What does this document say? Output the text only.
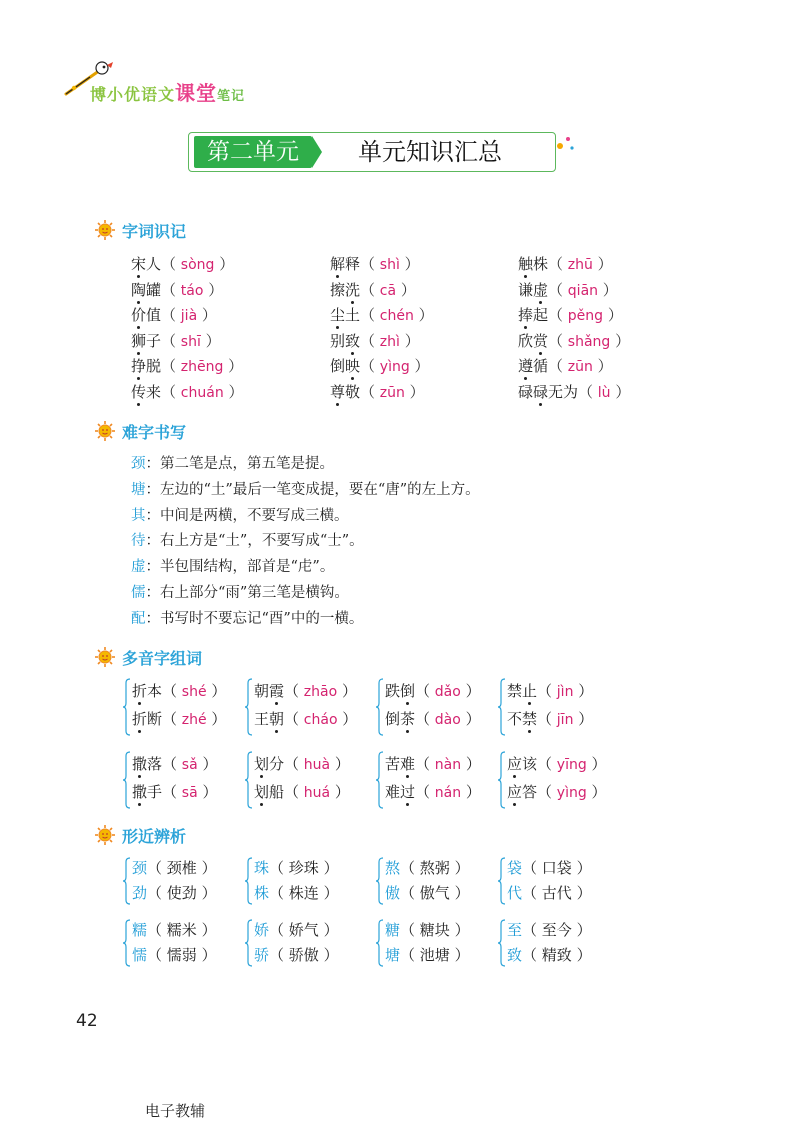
博小优语文课堂笔记
第二单元	单元知识汇总
字词识记
宋人
（ sòng ）
陶罐
（ táo ）
价值
（ jià ）
狮子
（ shī ）
挣脱
（ zhēng ）
传来
（ chuán ）
解释
（ shì ）
擦洗
（ cā ）
尘土
（ chén ）
别致
（ zhì ）
倒映
（ yìng ）
尊敬
（ zūn ）
触株
（ zhū ）
谦虚
（ qiān ）
捧起
（ pěng ）
欣赏
（ shǎng ）
遵循
（ zūn ）
碌碌无为
（ lù ）
难字书写
颈：第二笔是点，第五笔是提。
塘：左边的“土”最后一笔变成提，要在“唐”的左上方。
其：中间是两横，不要写成三横。
待：右上方是“土”，不要写成“士”。
虚：半包围结构，部首是“虍”。
儒：右上部分“雨”第三笔是横钩。
配：书写时不要忘记“酉”中的一横。
多音字组词
折本
（ shé ）
折断
（ zhé ）
朝霞
（ zhāo ）
王朝
（ cháo ）
跌倒
（ dǎo ）
倒茶
（ dào ）
禁止
（ jìn ）
不禁
（ jīn ）
撒落
（ sǎ ）
撒手
（ sā ）
划分
（ huà ）
划船
（ huá ）
苦难
（ nàn ）
难过
（ nán ）
应该
（ yīng ）
应答
（ yìng ）
形近辨析
颈（ 颈椎 ）
劲（ 使劲 ）
珠（ 珍珠 ）
株（ 株连 ）
熬（ 熬粥 ）
傲（ 傲气 ）
袋（ 口袋 ）
代（ 古代 ）
糯（ 糯米 ）
懦（ 懦弱 ）
娇（ 娇气 ）
骄（ 骄傲 ）
糖（ 糖块 ）
塘（ 池塘 ）
至（ 至今 ）
致（ 精致 ）
42
电子教辅
